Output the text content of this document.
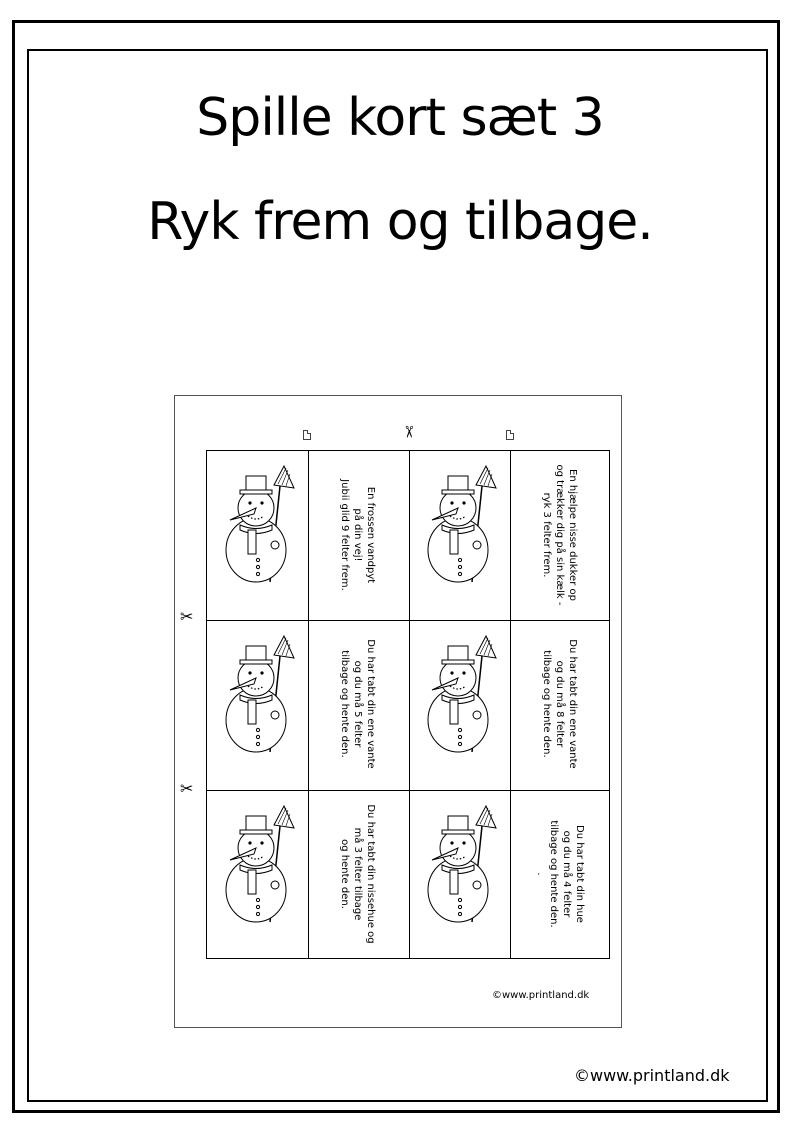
Spille kort sæt 3
Ryk frem og tilbage.
✂
✂
✂
En hjælpe nisse dukker op
og trækker dig på sin kælk -
ryk 3 felter frem.
En frossen vandpyt
på din vej!
Jubii glid 9 felter frem.
Du har tabt din ene vante
og du må 8 felter
tilbage og hente den.
Du har tabt din ene vante
og du må 5 felter
tilbage og hente den.
Du har tabt din hue
og du må 4 felter
tilbage og hente den.
.
Du har tabt din nissehue og
må 3 felter tilbage
og hente den.
©www.printland.dk
©www.printland.dk
